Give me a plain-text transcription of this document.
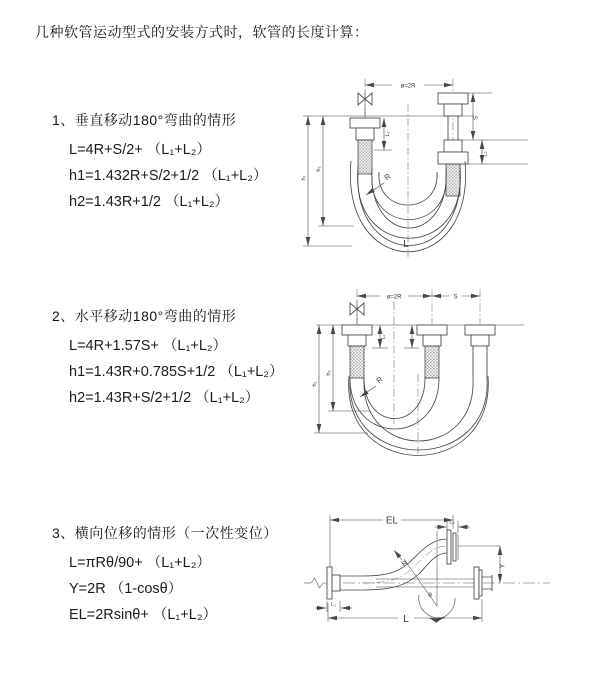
几种软管运动型式的安装方式时，软管的长度计算：

1、垂直移动180°弯曲的情形

L=4R+S/2+ （L₁+L₂）

h1=1.432R+S/2+1/2 （L₁+L₂）

h2=1.43R+1/2 （L₁+L₂）

2、水平移动180°弯曲的情形

L=4R+1.57S+ （L₁+L₂）

h1=1.43R+0.785S+1/2 （L₁+L₂）

h2=1.43R+S/2+1/2 （L₁+L₂）

3、横向位移的情形（一次性变位）

L=πRθ/90+ （L₁+L₂）

Y=2R （1-cosθ）

EL=2Rsinθ+ （L₁+L₂）

ø=2R
L₁
S
L₂
h₁
h₂
R
L
ø=2R	S
L₁
h₁
h₂
R
EL	L₂
Y
L₁
L
θ
R
